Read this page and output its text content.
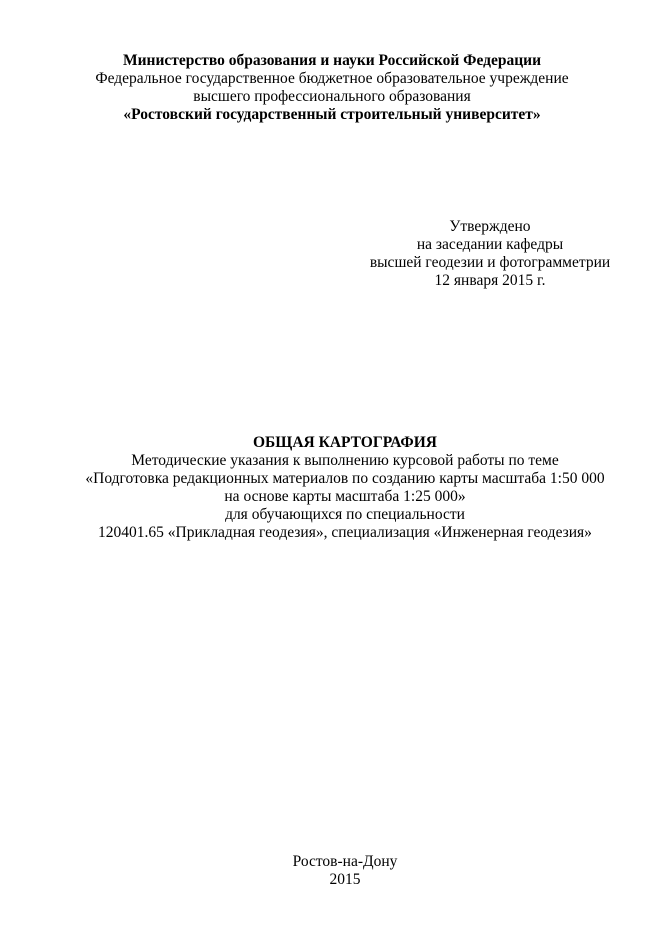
Министерство образования и науки Российской Федерации
Федеральное государственное бюджетное образовательное учреждение
высшего профессионального образования
«Ростовский государственный строительный университет»
Утверждено
на заседании кафедры
высшей геодезии и фотограмметрии
12 января 2015 г.
ОБЩАЯ КАРТОГРАФИЯ
Методические указания к выполнению курсовой работы по теме
«Подготовка редакционных материалов по созданию карты масштаба 1:50 000
на основе карты масштаба 1:25 000»
для обучающихся по специальности
120401.65 «Прикладная геодезия», специализация «Инженерная геодезия»
Ростов-на-Дону
2015
